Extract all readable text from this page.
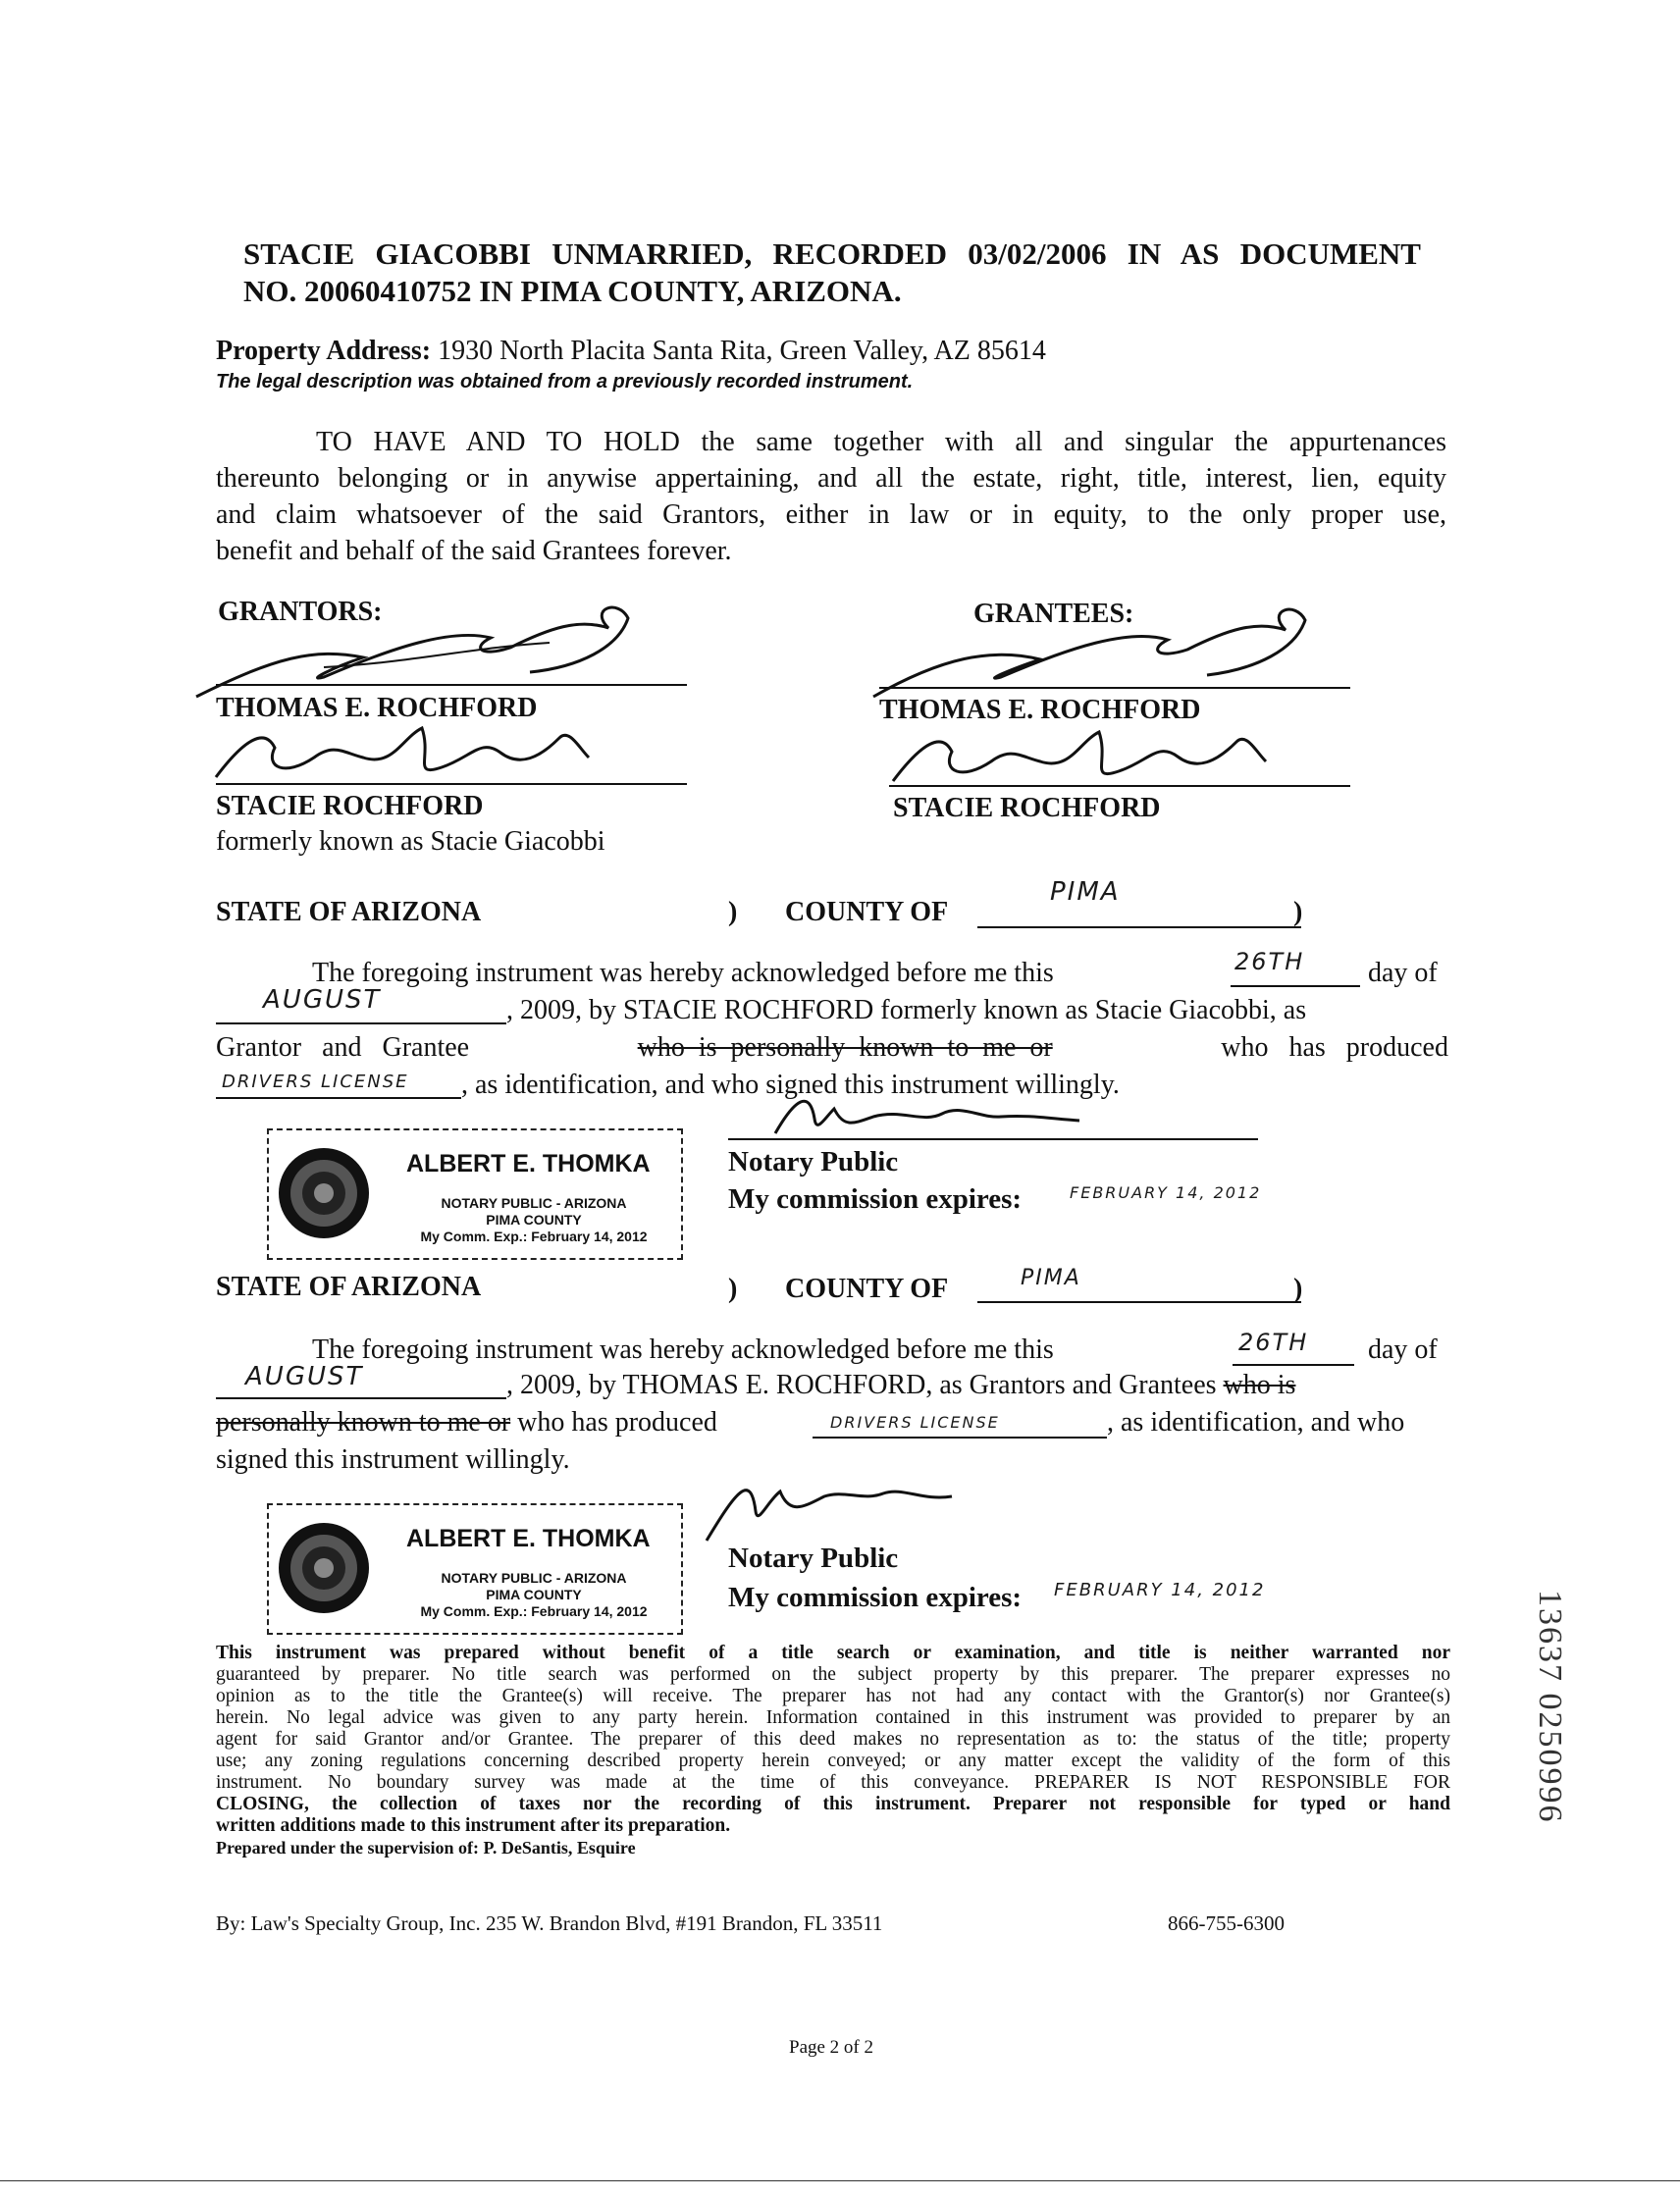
STACIE GIACOBBI UNMARRIED, RECORDED 03/02/2006 IN AS DOCUMENT

NO. 20060410752 IN PIMA COUNTY, ARIZONA.

Property Address: 1930 North Placita Santa Rita, Green Valley, AZ 85614
The legal description was obtained from a previously recorded instrument.

TO HAVE AND TO HOLD the same together with all and singular the appurtenances

thereunto belonging or in anywise appertaining, and all the estate, right, title, interest, lien, equity

and claim whatsoever of the said Grantors, either in law or in equity, to the only proper use,

benefit and behalf of the said Grantees forever.

GRANTORS:
THOMAS E. ROCHFORD
STACIE ROCHFORD
formerly known as Stacie Giacobbi
GRANTEES:
THOMAS E. ROCHFORD
STACIE ROCHFORD
STATE OF ARIZONA	) COUNTY OF
PIMA
)
The foregoing instrument was hereby acknowledged before me this	26TH day of
AUGUST	, 2009, by STACIE ROCHFORD formerly known as Stacie Giacobbi, as
Grantor   and   Grantee	who  is  personally  known  to  me  or	who   has   produced
DRIVERS LICENSE , as identification, and who signed this instrument willingly.
ALBERT E. THOMKA
NOTARY PUBLIC - ARIZONA
PIMA COUNTY
My Comm. Exp.: February 14, 2012
Notary Public
My commission expires:	FEBRUARY 14, 2012
STATE OF ARIZONA	) COUNTY OF	PIMA	)
The foregoing instrument was hereby acknowledged before me this	26TH day of
AUGUST	, 2009, by THOMAS E. ROCHFORD, as Grantors and Grantees who is
personally known to me or who has produced	DRIVERS LICENSE	, as identification, and who
signed this instrument willingly.
ALBERT E. THOMKA
NOTARY PUBLIC - ARIZONA
PIMA COUNTY
My Comm. Exp.: February 14, 2012
Notary Public
My commission expires: FEBRUARY 14, 2012

This instrument was prepared without benefit of a title search or examination, and title is neither warranted nor

guaranteed by preparer. No title search was performed on the subject property by this preparer. The preparer expresses no

opinion as to the title the Grantee(s) will receive. The preparer has not had any contact with the Grantor(s) nor Grantee(s)

herein. No legal advice was given to any party herein. Information contained in this instrument was provided to preparer by an

agent for said Grantor and/or Grantee. The preparer of this deed makes no representation as to: the status of the title; property

use; any zoning regulations concerning described property herein conveyed; or any matter except the validity of the form of this

instrument. No boundary survey was made at the time of this conveyance. PREPARER IS NOT RESPONSIBLE FOR

CLOSING, the collection of taxes nor the recording of this instrument. Preparer not responsible for typed or hand

written additions made to this instrument after its preparation.

Prepared under the supervision of: P. DeSantis, Esquire

By: Law's Specialty Group, Inc. 235 W. Brandon Blvd, #191 Brandon, FL 33511	866-755-6300
Page 2 of 2
13637 0250996
